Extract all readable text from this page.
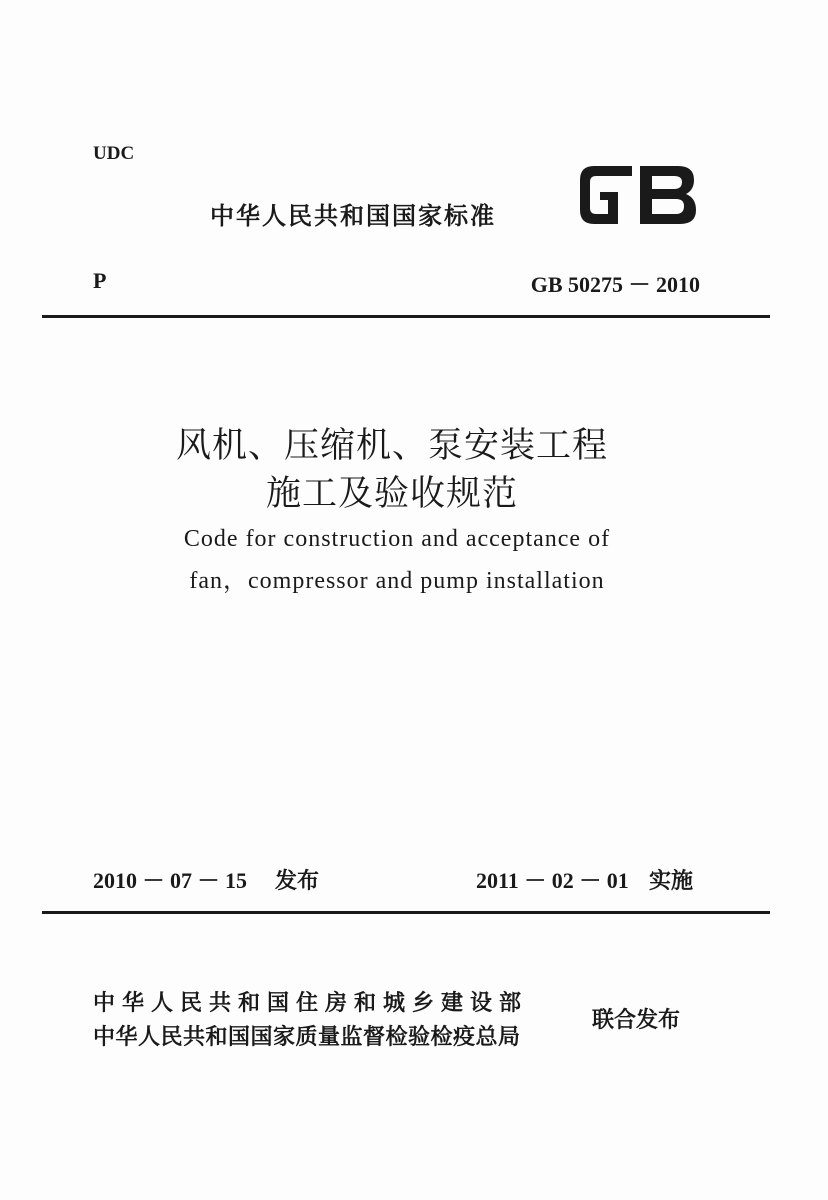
UDC
中华人民共和国国家标准
P	GB 50275 － 2010
风机、压缩机、泵安装工程
施工及验收规范
Code for construction and acceptance of
fan，compressor and pump installation
2010 － 07 － 15 发布	2011 － 02 － 01 实施
中华人民共和国住房和城乡建设部
中华人民共和国国家质量监督检验检疫总局
联合发布
